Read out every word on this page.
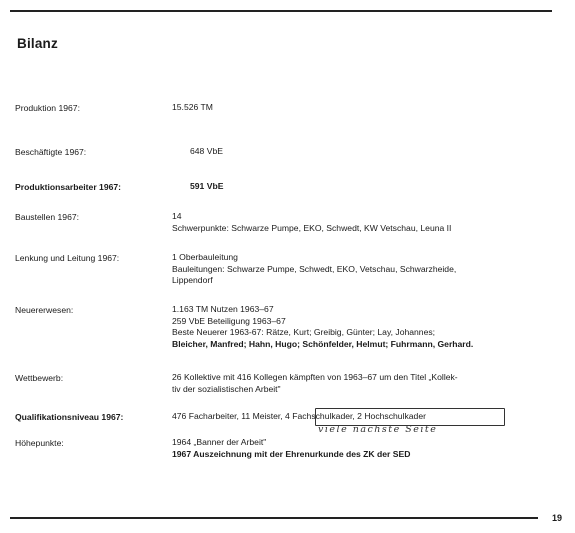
Bilanz
Produktion 1967:	15.526 TM
Beschäftigte 1967:	648 VbE
Produktionsarbeiter 1967:	591 VbE
Baustellen 1967:	14
Schwerpunkte: Schwarze Pumpe, EKO, Schwedt, KW Vetschau, Leuna II
Lenkung und Leitung 1967:	1 Oberbauleitung
Bauleitungen: Schwarze Pumpe, Schwedt, EKO, Vetschau, Schwarzheide,
Lippendorf
Neuererwesen:	1.163 TM Nutzen 1963–67
259 VbE Beteiligung 1963–67
Beste Neuerer 1963-67: Rätze, Kurt; Greibig, Günter; Lay, Johannes;
Bleicher, Manfred; Hahn, Hugo; Schönfelder, Helmut; Fuhrmann, Gerhard.
Wettbewerb:	26 Kollektive mit 416 Kollegen kämpften von 1963–67 um den Titel „Kollek-
tiv der sozialistischen Arbeit"
Qualifikationsniveau 1967:	476 Facharbeiter, 11 Meister, 4 Fachschulkader, 2 Hochschulkader
viele nächste Seite
Höhepunkte:	1964 „Banner der Arbeit"
1967 Auszeichnung mit der Ehrenurkunde des ZK der SED
19
